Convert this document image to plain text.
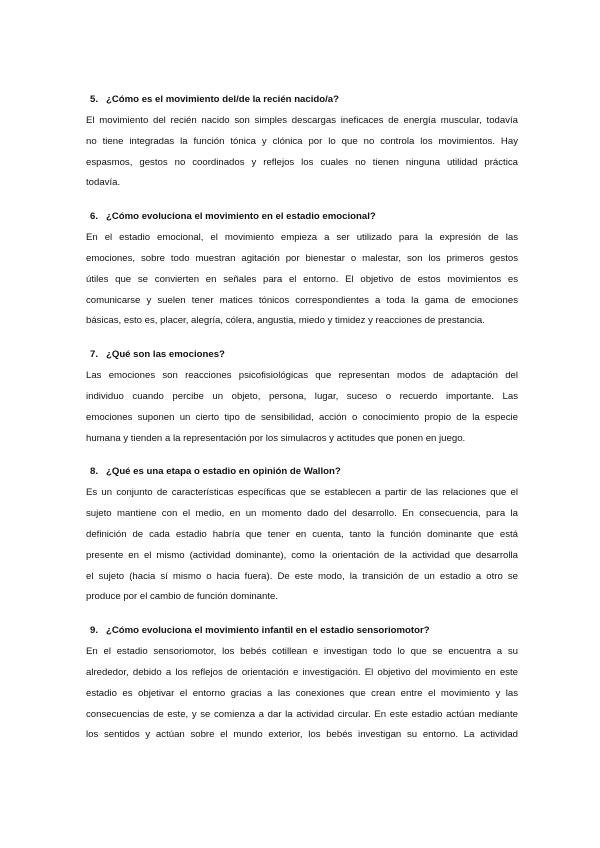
5. ¿Cómo es el movimiento del/de la recién nacido/a?
El movimiento del recién nacido son simples descargas ineficaces de energía muscular, todavía
no tiene integradas la función tónica y clónica por lo que no controla los movimientos. Hay
espasmos, gestos no coordinados y reflejos los cuales no tienen ninguna utilidad práctica
todavía.
6. ¿Cómo evoluciona el movimiento en el estadio emocional?
En el estadio emocional, el movimiento empieza a ser utilizado para la expresión de las
emociones, sobre todo muestran agitación por bienestar o malestar, son los primeros gestos
útiles que se convierten en señales para el entorno. El objetivo de estos movimientos es
comunicarse y suelen tener matices tónicos correspondientes a toda la gama de emociones
básicas, esto es, placer, alegría, cólera, angustia, miedo y timidez y reacciones de prestancia.
7. ¿Qué son las emociones?
Las emociones son reacciones psicofisiológicas que representan modos de adaptación del
individuo cuando percibe un objeto, persona, lugar, suceso o recuerdo importante. Las
emociones suponen un cierto tipo de sensibilidad, acción o conocimiento propio de la especie
humana y tienden a la representación por los simulacros y actitudes que ponen en juego.
8. ¿Qué es una etapa o estadio en opinión de Wallon?
Es un conjunto de características específicas que se establecen a partir de las relaciones que el
sujeto mantiene con el medio, en un momento dado del desarrollo. En consecuencia, para la
definición de cada estadio habría que tener en cuenta, tanto la función dominante que está
presente en el mismo (actividad dominante), como la orientación de la actividad que desarrolla
el sujeto (hacia sí mismo o hacia fuera). De este modo, la transición de un estadio a otro se
produce por el cambio de función dominante.
9. ¿Cómo evoluciona el movimiento infantil en el estadio sensoriomotor?
En el estadio sensoriomotor, los bebés cotillean e investigan todo lo que se encuentra a su
alrededor, debido a los reflejos de orientación e investigación. El objetivo del movimiento en este
estadio es objetivar el entorno gracias a las conexiones que crean entre el movimiento y las
consecuencias de este, y se comienza a dar la actividad circular. En este estadio actúan mediante
los sentidos y actúan sobre el mundo exterior, los bebés investigan su entorno. La actividad
